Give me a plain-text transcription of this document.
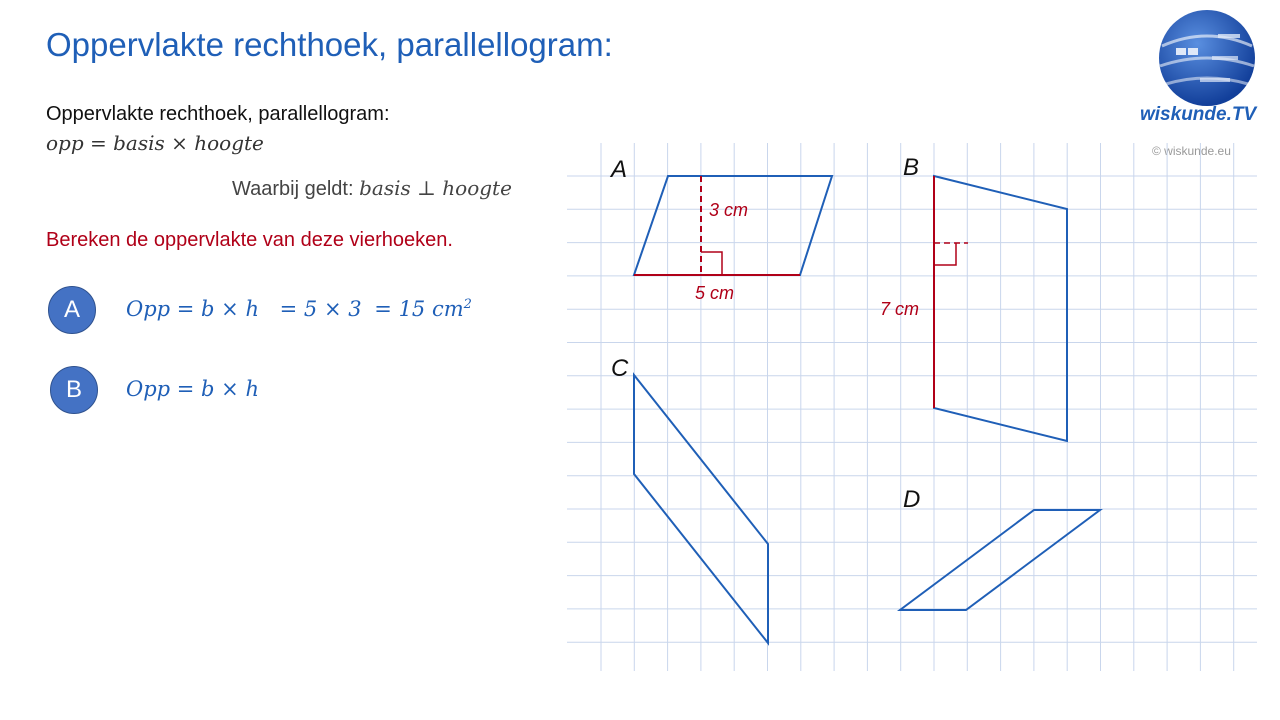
Oppervlakte rechthoek, parallellogram:
Oppervlakte rechthoek, parallellogram:
opp = basis × hoogte
Waarbij geldt: basis ⊥ hoogte
Bereken de oppervlakte van deze vierhoeken.
A	Opp = b × h = 5 × 3 = 15 $cm^2$
B	Opp = b × h
wiskunde.TV
© wiskunde.eu
A	B
C
D
3 cm
5 cm
7 cm
